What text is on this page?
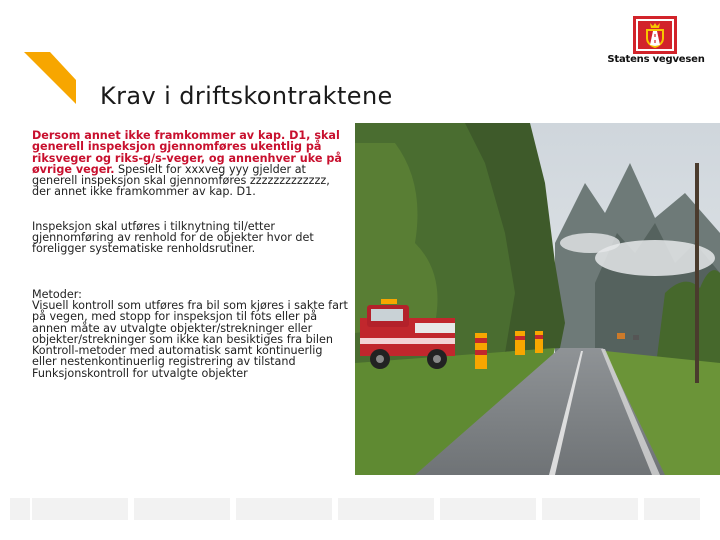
Krav i driftskontraktene
Statens vegvesen

Dersom annet ikke framkommer av kap. D1, skal generell inspeksjon gjennomføres ukentlig på riksveger og riks-g/s-veger, og annenhver uke på øvrige veger. Spesielt for xxxveg yyy gjelder at generell inspeksjon skal gjennomføres zzzzzzzzzzzzz, der annet ikke framkommer av kap. D1.

Inspeksjon skal utføres i tilknytning til/etter gjennomføring av renhold for de objekter hvor det foreligger systematiske renholdsrutiner.

Metoder:

Visuell kontroll som utføres fra bil som kjøres i sakte fart på vegen, med stopp for inspeksjon til fots eller på annen måte av utvalgte objekter/strekninger eller objekter/strekninger som ikke kan besiktiges fra bilen

Kontroll-metoder med automatisk samt kontinuerlig eller nestenkontinuerlig registrering av tilstand

Funksjonskontroll for utvalgte objekter
